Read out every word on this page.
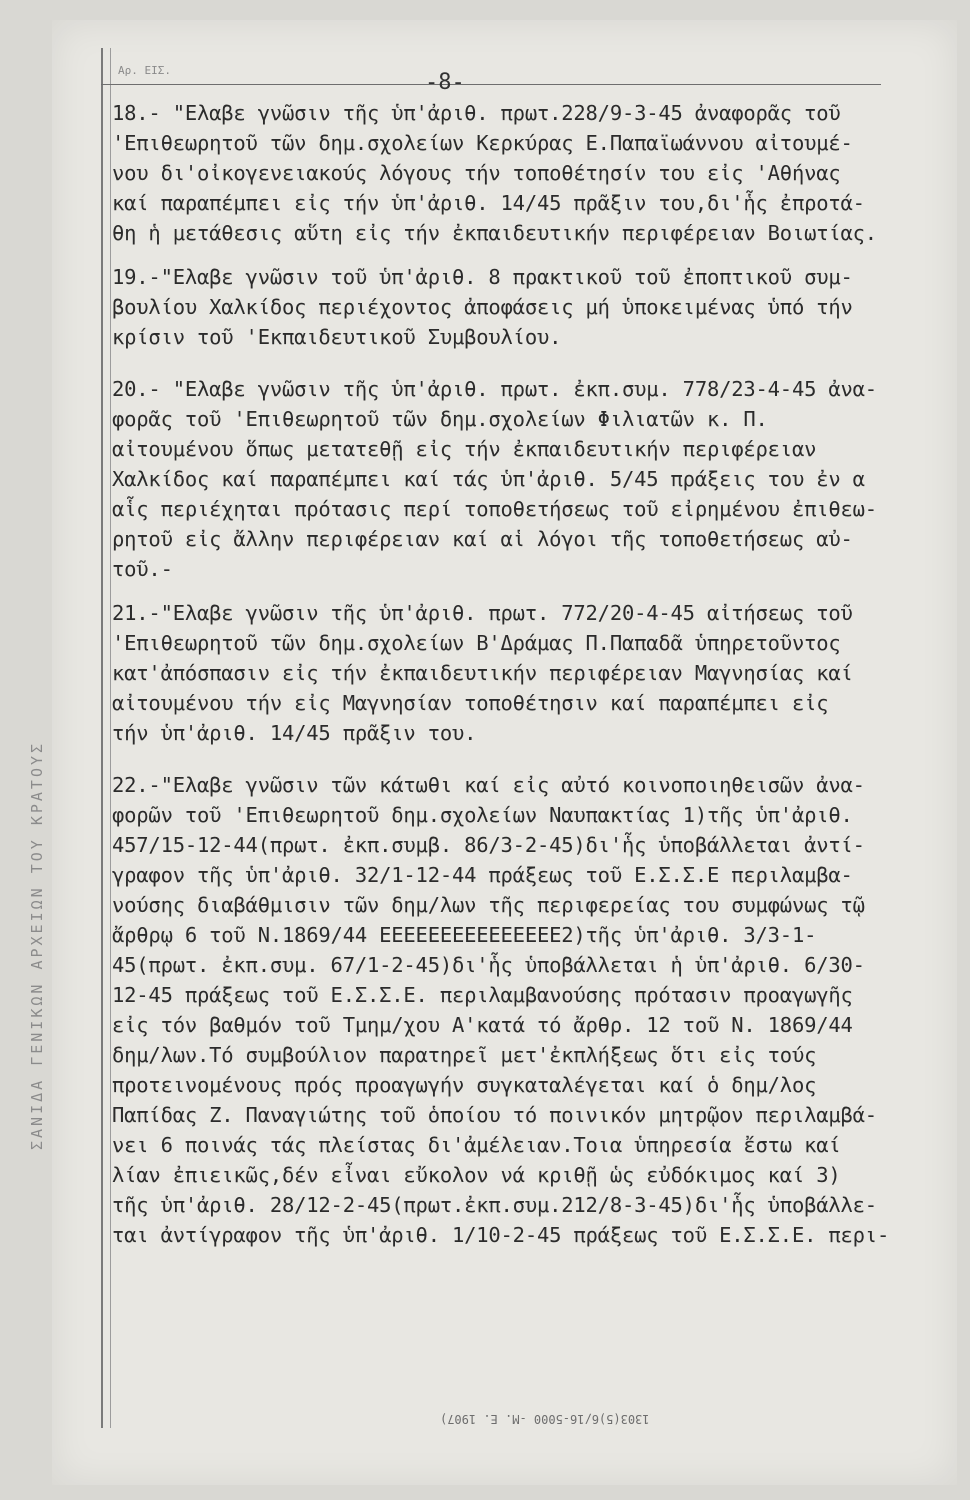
Αρ. ΕΙΣ.	-8-
ΣΑΝΙΔΑ ΓΕΝΙΚΩΝ ΑΡΧΕΙΩΝ ΤΟΥ ΚΡΑΤΟΥΣ
18.- "Ελαβε γνῶσιν τῆς ὑπ'ἀριθ. πρωτ.228/9-3-45 ἀναφορᾶς τοῦ
'Επιθεωρητοῦ τῶν δημ.σχολείων Κερκύρας Ε.Παπαϊωάννου αἰτουμέ-
νου δι'οἰκογενειακούς λόγους τήν τοποθέτησίν του εἰς 'Αθήνας
καί παραπέμπει εἰς τήν ὑπ'ἀριθ. 14/45 πρᾶξιν του,δι'ἧς ἐπροτά-
θη ἡ μετάθεσις αὕτη εἰς τήν ἐκπαιδευτικήν περιφέρειαν Βοιωτίας.
19.-"Ελαβε γνῶσιν τοῦ ὑπ'ἀριθ. 8 πρακτικοῦ τοῦ ἐποπτικοῦ συμ-
βουλίου Χαλκίδος περιέχοντος ἀποφάσεις μή ὑποκειμένας ὑπό τήν
κρίσιν τοῦ 'Εκπαιδευτικοῦ Συμβουλίου.
20.- "Ελαβε γνῶσιν τῆς ὑπ'ἀριθ. πρωτ. ἐκπ.συμ. 778/23-4-45 ἀνα-
φορᾶς τοῦ 'Επιθεωρητοῦ τῶν δημ.σχολείων Φιλιατῶν κ. Π.
αἰτουμένου ὅπως μετατεθῇ εἰς τήν ἐκπαιδευτικήν περιφέρειαν
Χαλκίδος καί παραπέμπει καί τάς ὑπ'ἀριθ. 5/45 πράξεις του ἐν α
αἷς περιέχηται πρότασις περί τοποθετήσεως τοῦ εἰρημένου ἐπιθεω-
ρητοῦ εἰς ἄλλην περιφέρειαν καί αἱ λόγοι τῆς τοποθετήσεως αὐ-
τοῦ.-
21.-"Ελαβε γνῶσιν τῆς ὑπ'ἀριθ. πρωτ. 772/20-4-45 αἰτήσεως τοῦ
'Επιθεωρητοῦ τῶν δημ.σχολείων Β'Δράμας Π.Παπαδᾶ ὑπηρετοῦντος
κατ'ἀπόσπασιν εἰς τήν ἐκπαιδευτικήν περιφέρειαν Μαγνησίας καί
αἰτουμένου τήν εἰς Μαγνησίαν τοποθέτησιν καί παραπέμπει εἰς
τήν ὑπ'ἀριθ. 14/45 πρᾶξιν του.
22.-"Ελαβε γνῶσιν τῶν κάτωθι καί εἰς αὐτό κοινοποιηθεισῶν ἀνα-
φορῶν τοῦ 'Επιθεωρητοῦ δημ.σχολείων Ναυπακτίας 1)τῆς ὑπ'ἀριθ.
457/15-12-44(πρωτ. ἐκπ.συμβ. 86/3-2-45)δι'ἧς ὑποβάλλεται ἀντί-
γραφον τῆς ὑπ'ἀριθ. 32/1-12-44 πράξεως τοῦ Ε.Σ.Σ.Ε περιλαμβα-
νούσης διαβάθμισιν τῶν δημ/λων τῆς περιφερείας του συμφώνως τῷ
ἄρθρῳ 6 τοῦ Ν.1869/44 ΕΕΕΕΕΕΕΕΕΕΕΕΕΕΕ2)τῆς ὑπ'ἀριθ. 3/3-1-
45(πρωτ. ἐκπ.συμ. 67/1-2-45)δι'ἧς ὑποβάλλεται ἡ ὑπ'ἀριθ. 6/30-
12-45 πράξεως τοῦ Ε.Σ.Σ.Ε. περιλαμβανούσης πρότασιν προαγωγῆς
εἰς τόν βαθμόν τοῦ Τμημ/χου Α'κατά τό ἄρθρ. 12 τοῦ Ν. 1869/44
δημ/λων.Τό συμβούλιον παρατηρεῖ μετ'ἐκπλήξεως ὅτι εἰς τούς
προτεινομένους πρός προαγωγήν συγκαταλέγεται καί ὁ δημ/λος
Παπίδας Ζ. Παναγιώτης τοῦ ὁποίου τό ποινικόν μητρῷον περιλαμβά-
νει 6 ποινάς τάς πλείστας δι'ἀμέλειαν.Τοια ὑπηρεσία ἔστω καί
λίαν ἐπιεικῶς,δέν εἶναι εὔκολον νά κριθῇ ὡς εὐδόκιμος καί 3)
τῆς ὑπ'ἀριθ. 28/12-2-45(πρωτ.ἐκπ.συμ.212/8-3-45)δι'ἧς ὑποβάλλε-
ται ἀντίγραφον τῆς ὑπ'ἀριθ. 1/10-2-45 πράξεως τοῦ Ε.Σ.Σ.Ε. περι-
1303(5)6/16-5000 -Μ. Ε. 1907)
